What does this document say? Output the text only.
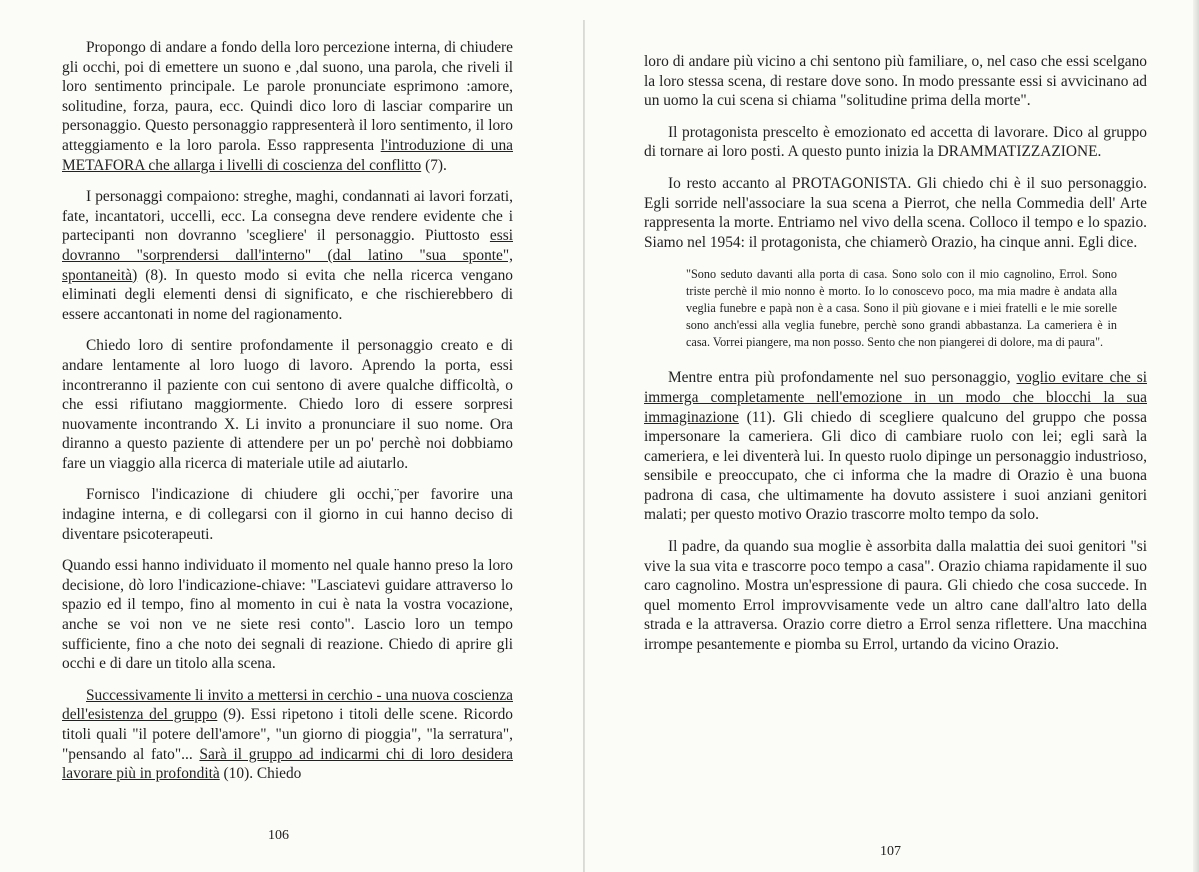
Propongo di andare a fondo della loro percezione interna, di chiudere gli occhi, poi di emettere un suono e ,dal suono, una parola, che riveli il loro sentimento principale. Le parole pronunciate esprimono :amore, solitudine, forza, paura, ecc. Quindi dico loro di lasciar comparire un personaggio. Questo personaggio rappresenterà il loro sentimento, il loro atteggiamento e la loro parola. Esso rappresenta l'introduzione di una METAFORA che allarga i livelli di coscienza del conflitto (7).

I personaggi compaiono: streghe, maghi, condannati ai lavori forzati, fate, incantatori, uccelli, ecc. La consegna deve rendere evidente che i partecipanti non dovranno 'scegliere' il personaggio. Piuttosto essi dovranno "sorprendersi dall'interno" (dal latino "sua sponte", spontaneità) (8). In questo modo si evita che nella ricerca vengano eliminati degli elementi densi di significato, e che rischierebbero di essere accantonati in nome del ragionamento.

Chiedo loro di sentire profondamente il personaggio creato e di andare lentamente al loro luogo di lavoro. Aprendo la porta, essi incontreranno il paziente con cui sentono di avere qualche difficoltà, o che essi rifiutano maggiormente. Chiedo loro di essere sorpresi nuovamente incontrando X. Li invito a pronunciare il suo nome. Ora diranno a questo paziente di attendere per un po' perchè noi dobbiamo fare un viaggio alla ricerca di materiale utile ad aiutarlo.

Fornisco l'indicazione di chiudere gli occhi,¨per favorire una indagine interna, e di collegarsi con il giorno in cui hanno deciso di diventare psicoterapeuti.

Quando essi hanno individuato il momento nel quale hanno preso la loro decisione, dò loro l'indicazione-chiave: "Lasciatevi guidare attraverso lo spazio ed il tempo, fino al momento in cui è nata la vostra vocazione, anche se voi non ve ne siete resi conto". Lascio loro un tempo sufficiente, fino a che noto dei segnali di reazione. Chiedo di aprire gli occhi e di dare un titolo alla scena.

Successivamente li invito a mettersi in cerchio - una nuova coscienza dell'esistenza del gruppo (9). Essi ripetono i titoli delle scene. Ricordo titoli quali "il potere dell'amore", "un giorno di pioggia", "la serratura", "pensando al fato"... Sarà il gruppo ad indicarmi chi di loro desidera lavorare più in profondità (10). Chiedo

106

loro di andare più vicino a chi sentono più familiare, o, nel caso che essi scelgano la loro stessa scena, di restare dove sono. In modo pressante essi si avvicinano ad un uomo la cui scena si chiama "solitudine prima della morte".

Il protagonista prescelto è emozionato ed accetta di lavorare. Dico al gruppo di tornare ai loro posti. A questo punto inizia la DRAMMATIZZAZIONE.

Io resto accanto al PROTAGONISTA. Gli chiedo chi è il suo personaggio. Egli sorride nell'associare la sua scena a Pierrot, che nella Commedia dell' Arte rappresenta la morte. Entriamo nel vivo della scena. Colloco il tempo e lo spazio. Siamo nel 1954: il protagonista, che chiamerò Orazio, ha cinque anni. Egli dice.

"Sono seduto davanti alla porta di casa. Sono solo con il mio cagnolino, Errol. Sono triste perchè il mio nonno è morto. Io lo conoscevo poco, ma mia madre è andata alla veglia funebre e papà non è a casa. Sono il più giovane e i miei fratelli e le mie sorelle sono anch'essi alla veglia funebre, perchè sono grandi abbastanza. La cameriera è in casa. Vorrei piangere, ma non posso. Sento che non piangerei di dolore, ma di paura".

Mentre entra più profondamente nel suo personaggio, voglio evitare che si immerga completamente nell'emozione in un modo che blocchi la sua immaginazione (11). Gli chiedo di scegliere qualcuno del gruppo che possa impersonare la cameriera. Gli dico di cambiare ruolo con lei; egli sarà la cameriera, e lei diventerà lui. In questo ruolo dipinge un personaggio industrioso, sensibile e preoccupato, che ci informa che la madre di Orazio è una buona padrona di casa, che ultimamente ha dovuto assistere i suoi anziani genitori malati; per questo motivo Orazio trascorre molto tempo da solo.

Il padre, da quando sua moglie è assorbita dalla malattia dei suoi genitori "si vive la sua vita e trascorre poco tempo a casa". Orazio chiama rapidamente il suo caro cagnolino. Mostra un'espressione di paura. Gli chiedo che cosa succede. In quel momento Errol improvvisamente vede un altro cane dall'altro lato della strada e la attraversa. Orazio corre dietro a Errol senza riflettere. Una macchina irrompe pesantemente e piomba su Errol, urtando da vicino Orazio.

107
